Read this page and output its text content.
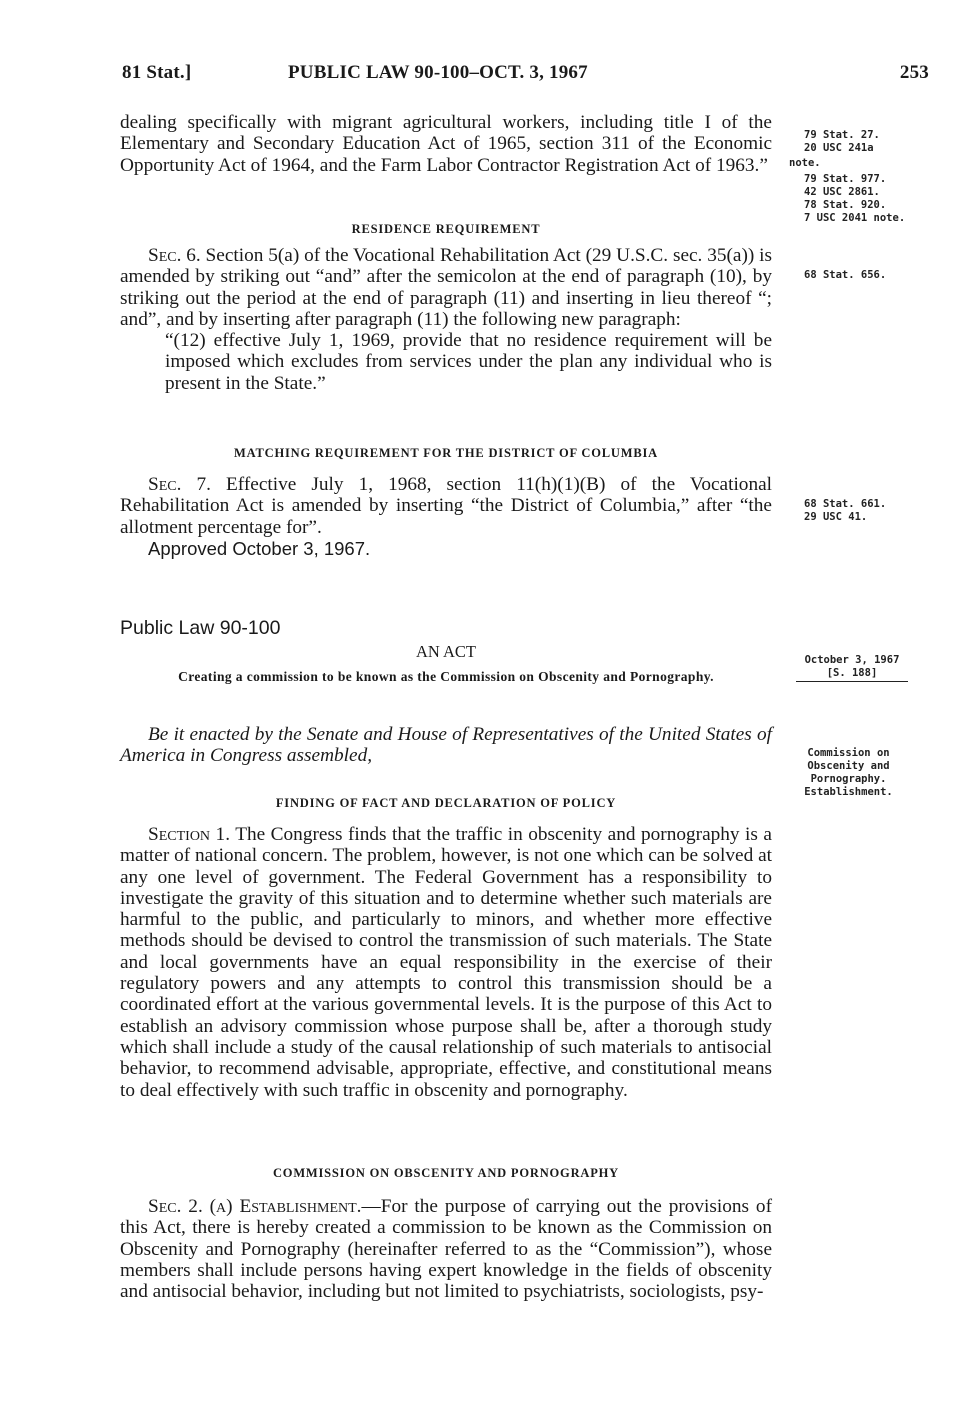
81 Stat.]	PUBLIC LAW 90-100–OCT. 3, 1967	253

dealing specifically with migrant agricultural workers, including title I of the Elementary and Secondary Education Act of 1965, section 311 of the Economic Opportunity Act of 1964, and the Farm Labor Contractor Registration Act of 1963.”

RESIDENCE REQUIREMENT

Sec. 6. Section 5(a) of the Vocational Rehabilitation Act (29 U.S.C. sec. 35(a)) is amended by striking out “and” after the semicolon at the end of paragraph (10), by striking out the period at the end of paragraph (11) and inserting in lieu thereof “; and”, and by inserting after paragraph (11) the following new paragraph:

“(12) effective July 1, 1969, provide that no residence requirement will be imposed which excludes from services under the plan any individual who is present in the State.”

MATCHING REQUIREMENT FOR THE DISTRICT OF COLUMBIA

Sec. 7. Effective July 1, 1968, section 11(h)(1)(B) of the Vocational Rehabilitation Act is amended by inserting “the District of Columbia,” after “the allotment percentage for”.

Approved October 3, 1967.

Public Law 90-100
AN ACT
Creating a commission to be known as the Commission on Obscenity and Pornography.

Be it enacted by the Senate and House of Representatives of the United States of America in Congress assembled,

FINDING OF FACT AND DECLARATION OF POLICY

Section 1. The Congress finds that the traffic in obscenity and pornography is a matter of national concern. The problem, however, is not one which can be solved at any one level of government. The Federal Government has a responsibility to investigate the gravity of this situation and to determine whether such materials are harmful to the public, and particularly to minors, and whether more effective methods should be devised to control the transmission of such materials. The State and local governments have an equal responsibility in the exercise of their regulatory powers and any attempts to control this transmission should be a coordinated effort at the various governmental levels. It is the purpose of this Act to establish an advisory commission whose purpose shall be, after a thorough study which shall include a study of the causal relationship of such materials to antisocial behavior, to recommend advisable, appropriate, effective, and constitutional means to deal effectively with such traffic in obscenity and pornography.

COMMISSION ON OBSCENITY AND PORNOGRAPHY

Sec. 2. (a) Establishment.—For the purpose of carrying out the provisions of this Act, there is hereby created a commission to be known as the Commission on Obscenity and Pornography (hereinafter referred to as the “Commission”), whose members shall include persons having expert knowledge in the fields of obscenity and antisocial behavior, including but not limited to psychiatrists, sociologists, psy-

79 Stat. 27.
20 USC 241a
note.
79 Stat. 977.
42 USC 2861.
78 Stat. 920.
7 USC 2041 note.
68 Stat. 656.
68 Stat. 661.
29 USC 41.
October 3, 1967
[S. 188]
Commission on
Obscenity and
Pornography.
Establishment.
